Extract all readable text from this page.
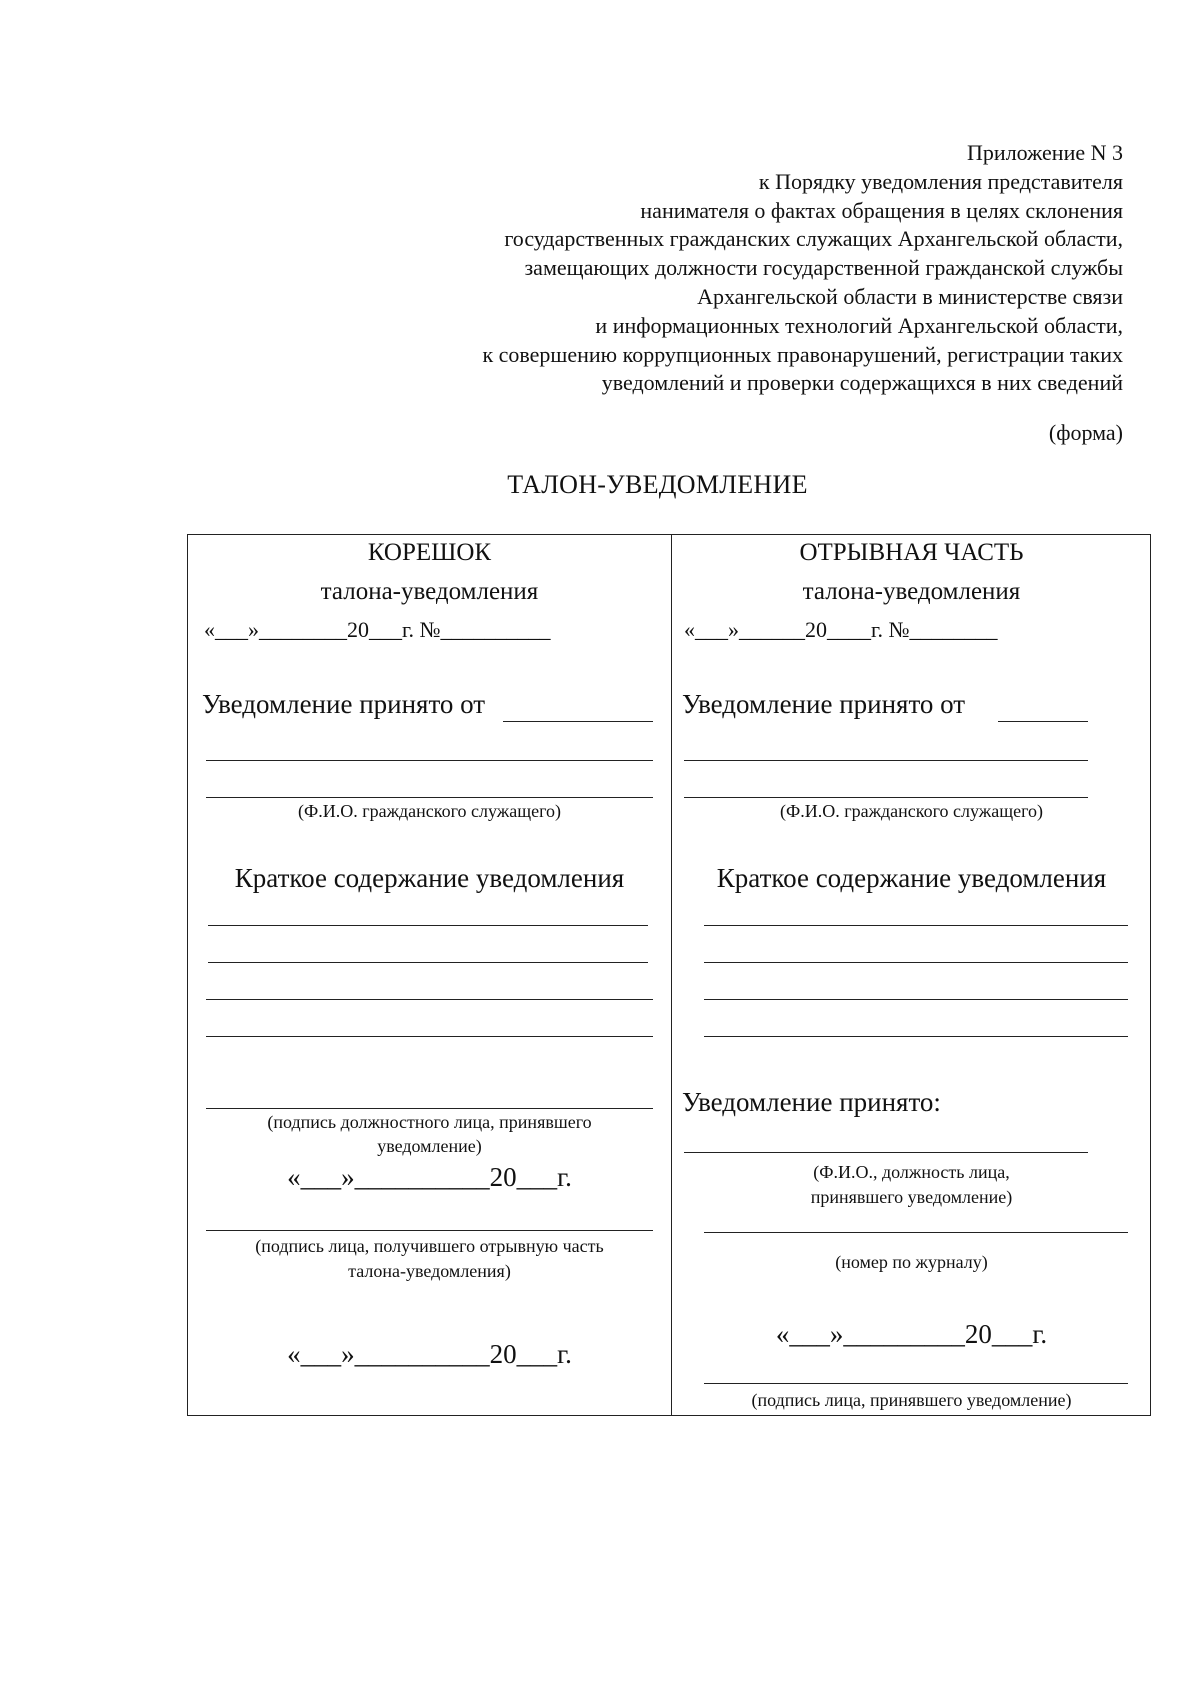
Приложение N 3
к Порядку уведомления представителя
нанимателя о фактах обращения в целях склонения
государственных гражданских служащих Архангельской области,
замещающих должности государственной гражданской службы
Архангельской области в министерстве связи
и информационных технологий Архангельской области,
к совершению коррупционных правонарушений, регистрации таких
уведомлений и проверки содержащихся в них сведений
(форма)
ТАЛОН-УВЕДОМЛЕНИЕ
КОРЕШОК
талона-уведомления
«___»________20___г. №__________
Уведомление принято от
(Ф.И.О. гражданского служащего)
Краткое содержание уведомления
(подпись должностного лица, принявшего
уведомление)
«___»__________20___г.
(подпись лица, получившего отрывную часть
талона-уведомления)
«___»__________20___г.
ОТРЫВНАЯ ЧАСТЬ
талона-уведомления
«___»______20____г. №________
Уведомление принято от
(Ф.И.О. гражданского служащего)
Краткое содержание уведомления
Уведомление принято:
(Ф.И.О., должность лица,
принявшего уведомление)
(номер по журналу)
«___»_________20___г.
(подпись лица, принявшего уведомление)
